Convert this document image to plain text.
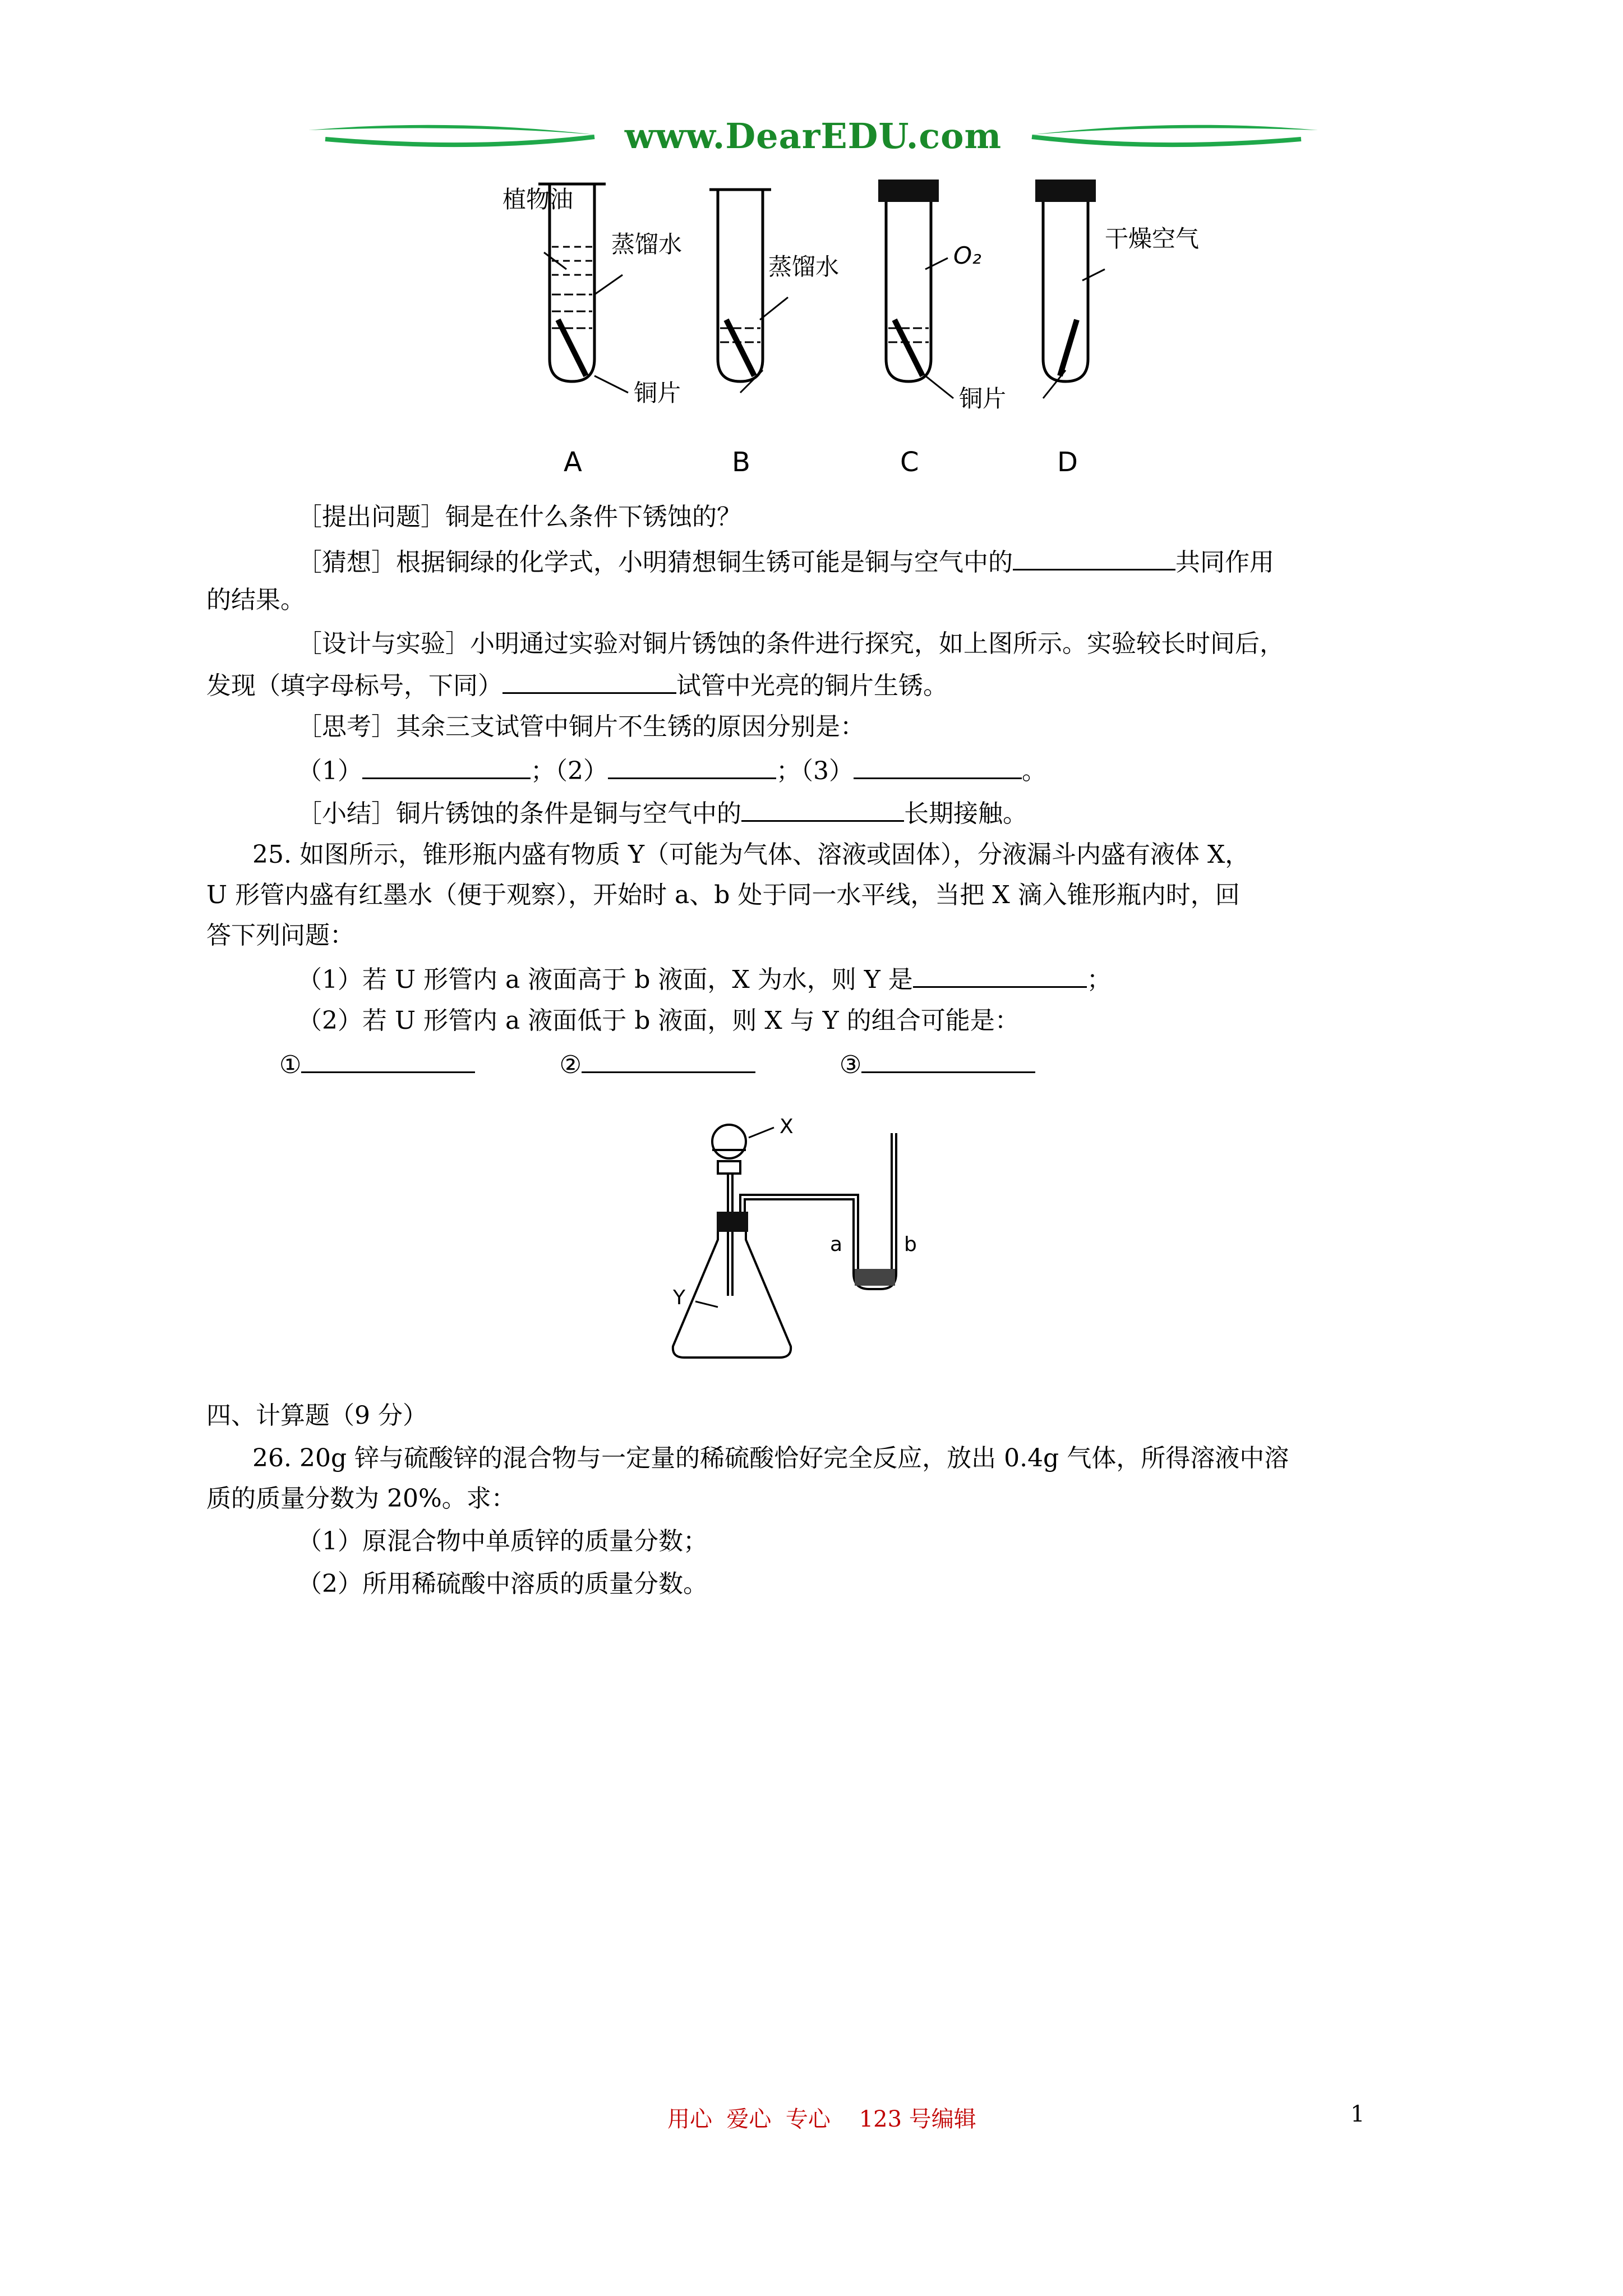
www.DearEDU.com
植物油
蒸馏水
蒸馏水	O₂
干燥空气
铜片	铜片
A	B	C	D
［提出问题］铜是在什么条件下锈蚀的？
［猜想］根据铜绿的化学式，小明猜想铜生锈可能是铜与空气中的	共同作用
的结果。
［设计与实验］小明通过实验对铜片锈蚀的条件进行探究，如上图所示。实验较长时间后，
发现（填字母标号，下同）	试管中光亮的铜片生锈。
［思考］其余三支试管中铜片不生锈的原因分别是：
（1）	；（2）	；（3）	。
［小结］铜片锈蚀的条件是铜与空气中的	长期接触。
25. 如图所示，锥形瓶内盛有物质 Y（可能为气体、溶液或固体），分液漏斗内盛有液体 X，
U 形管内盛有红墨水（便于观察），开始时 a、b 处于同一水平线，当把 X 滴入锥形瓶内时，回
答下列问题：
（1）若 U 形管内 a 液面高于 b 液面，X 为水，则 Y 是	；
（2）若 U 形管内 a 液面低于 b 液面，则 X 与 Y 的组合可能是：
①	②	③
X
Y
a	b
四、计算题（9 分）
26. 20g 锌与硫酸锌的混合物与一定量的稀硫酸恰好完全反应，放出 0.4g 气体，所得溶液中溶
质的质量分数为 20%。求：
（1）原混合物中单质锌的质量分数；
（2）所用稀硫酸中溶质的质量分数。
用心  爱心  专心    123 号编辑	1
